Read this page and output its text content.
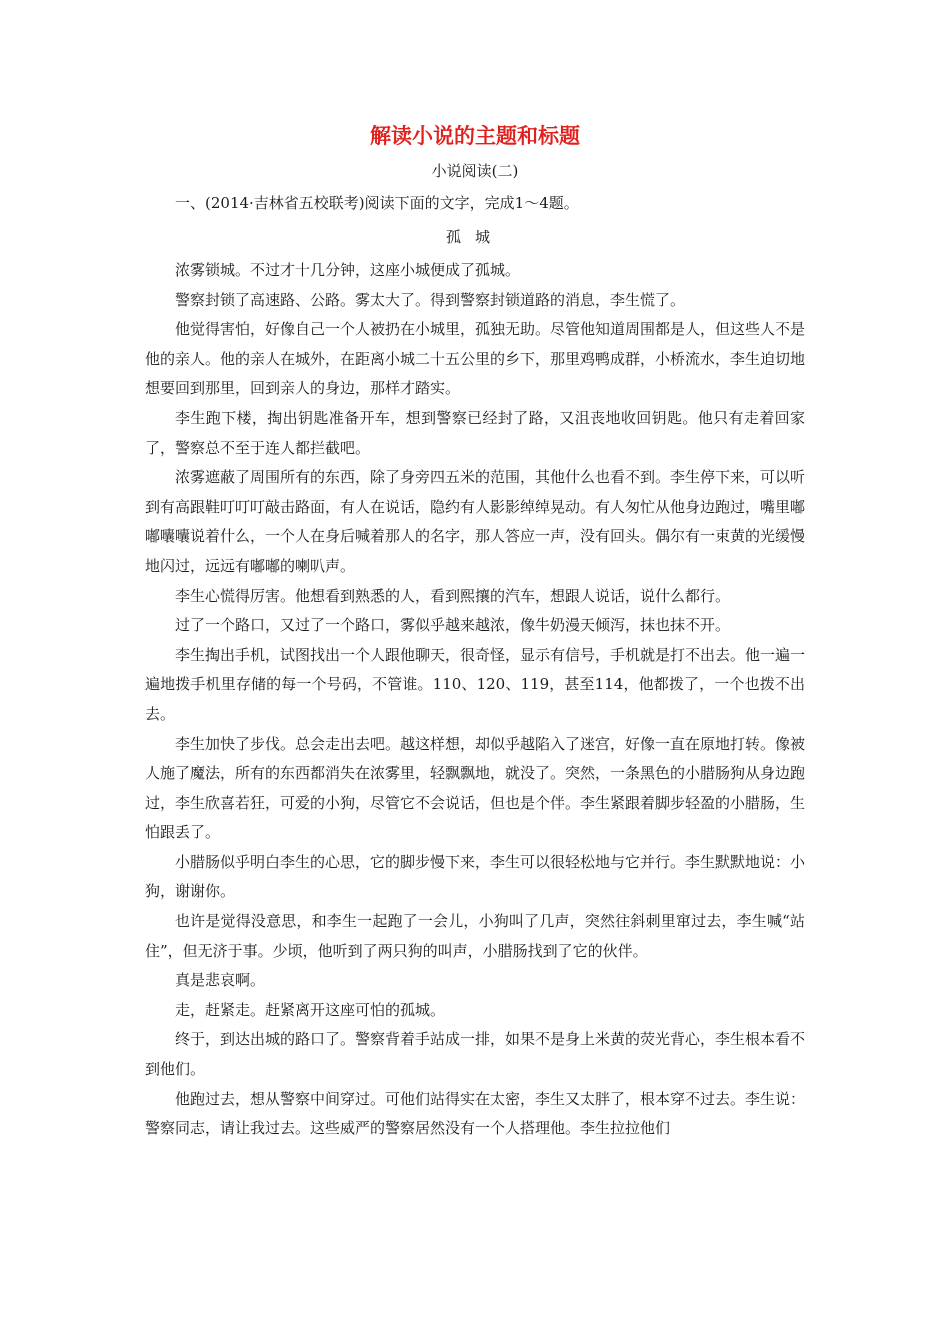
解读小说的主题和标题
小说阅读(二)

一、(2014·吉林省五校联考)阅读下面的文字，完成1～4题。

孤城

浓雾锁城。不过才十几分钟，这座小城便成了孤城。

警察封锁了高速路、公路。雾太大了。得到警察封锁道路的消息，李生慌了。

他觉得害怕，好像自己一个人被扔在小城里，孤独无助。尽管他知道周围都是人，但这些人不是他的亲人。他的亲人在城外，在距离小城二十五公里的乡下，那里鸡鸭成群，小桥流水，李生迫切地想要回到那里，回到亲人的身边，那样才踏实。

李生跑下楼，掏出钥匙准备开车，想到警察已经封了路，又沮丧地收回钥匙。他只有走着回家了，警察总不至于连人都拦截吧。

浓雾遮蔽了周围所有的东西，除了身旁四五米的范围，其他什么也看不到。李生停下来，可以听到有高跟鞋叮叮叮敲击路面，有人在说话，隐约有人影影绰绰晃动。有人匆忙从他身边跑过，嘴里嘟嘟囔囔说着什么，一个人在身后喊着那人的名字，那人答应一声，没有回头。偶尔有一束黄的光缓慢地闪过，远远有嘟嘟的喇叭声。

李生心慌得厉害。他想看到熟悉的人，看到熙攘的汽车，想跟人说话，说什么都行。

过了一个路口，又过了一个路口，雾似乎越来越浓，像牛奶漫天倾泻，抹也抹不开。

李生掏出手机，试图找出一个人跟他聊天，很奇怪，显示有信号，手机就是打不出去。他一遍一遍地拨手机里存储的每一个号码，不管谁。110、120、119，甚至114，他都拨了，一个也拨不出去。

李生加快了步伐。总会走出去吧。越这样想，却似乎越陷入了迷宫，好像一直在原地打转。像被人施了魔法，所有的东西都消失在浓雾里，轻飘飘地，就没了。突然，一条黑色的小腊肠狗从身边跑过，李生欣喜若狂，可爱的小狗，尽管它不会说话，但也是个伴。李生紧跟着脚步轻盈的小腊肠，生怕跟丢了。

小腊肠似乎明白李生的心思，它的脚步慢下来，李生可以很轻松地与它并行。李生默默地说：小狗，谢谢你。

也许是觉得没意思，和李生一起跑了一会儿，小狗叫了几声，突然往斜刺里窜过去，李生喊“站住”，但无济于事。少顷，他听到了两只狗的叫声，小腊肠找到了它的伙伴。

真是悲哀啊。

走，赶紧走。赶紧离开这座可怕的孤城。

终于，到达出城的路口了。警察背着手站成一排，如果不是身上米黄的荧光背心，李生根本看不到他们。

他跑过去，想从警察中间穿过。可他们站得实在太密，李生又太胖了，根本穿不过去。李生说：警察同志，请让我过去。这些威严的警察居然没有一个人搭理他。李生拉拉他们
